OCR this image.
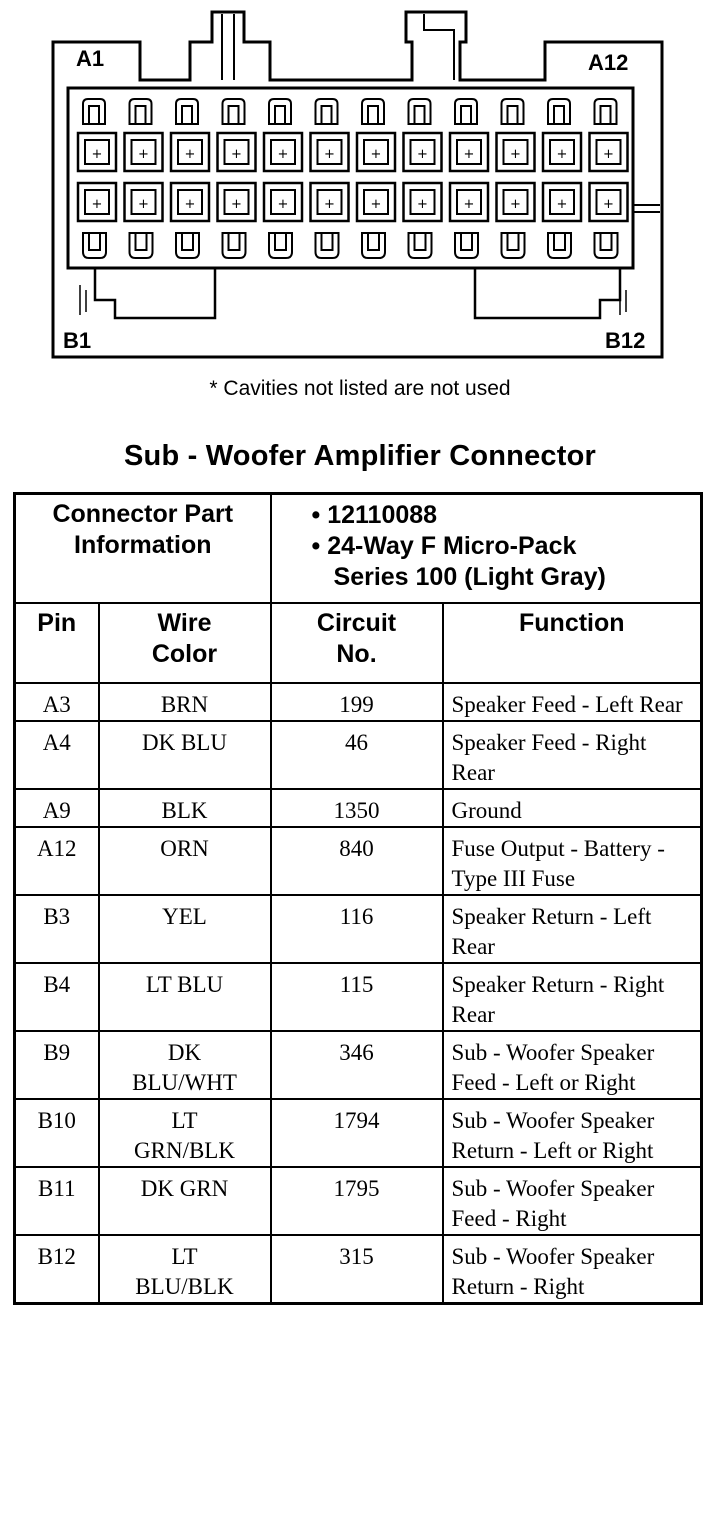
+
+
+
+
+
+
+
+
+
+
+
+
+
+
+
+
+
+
+
+
+
+
+
+
A1	A12
B1	B12
* Cavities not listed are not used
Sub - Woofer Amplifier Connector
Connector Part Information		• 12110088
• 24-Way F Micro-Pack
Series 100 (Light Gray)	

Pin	Wire Color	Circuit No.	Function
A3	BRN	199	Speaker Feed - Left Rear

A4	DK BLU	46	Speaker Feed - Right Rear

A9	BLK	1350	Ground

A12	ORN	840	Fuse Output - Battery - Type III Fuse

B3	YEL	116	Speaker Return - Left Rear

B4	LT BLU	115	Speaker Return - Right Rear

B9	DK BLU/WHT	346	Sub - Woofer Speaker Feed - Left or Right

B10	LT GRN/BLK	1794	Sub - Woofer Speaker Return - Left or Right

B11	DK GRN	1795	Sub - Woofer Speaker Feed - Right

B12	LT BLU/BLK	315	Sub - Woofer Speaker Return - Right
